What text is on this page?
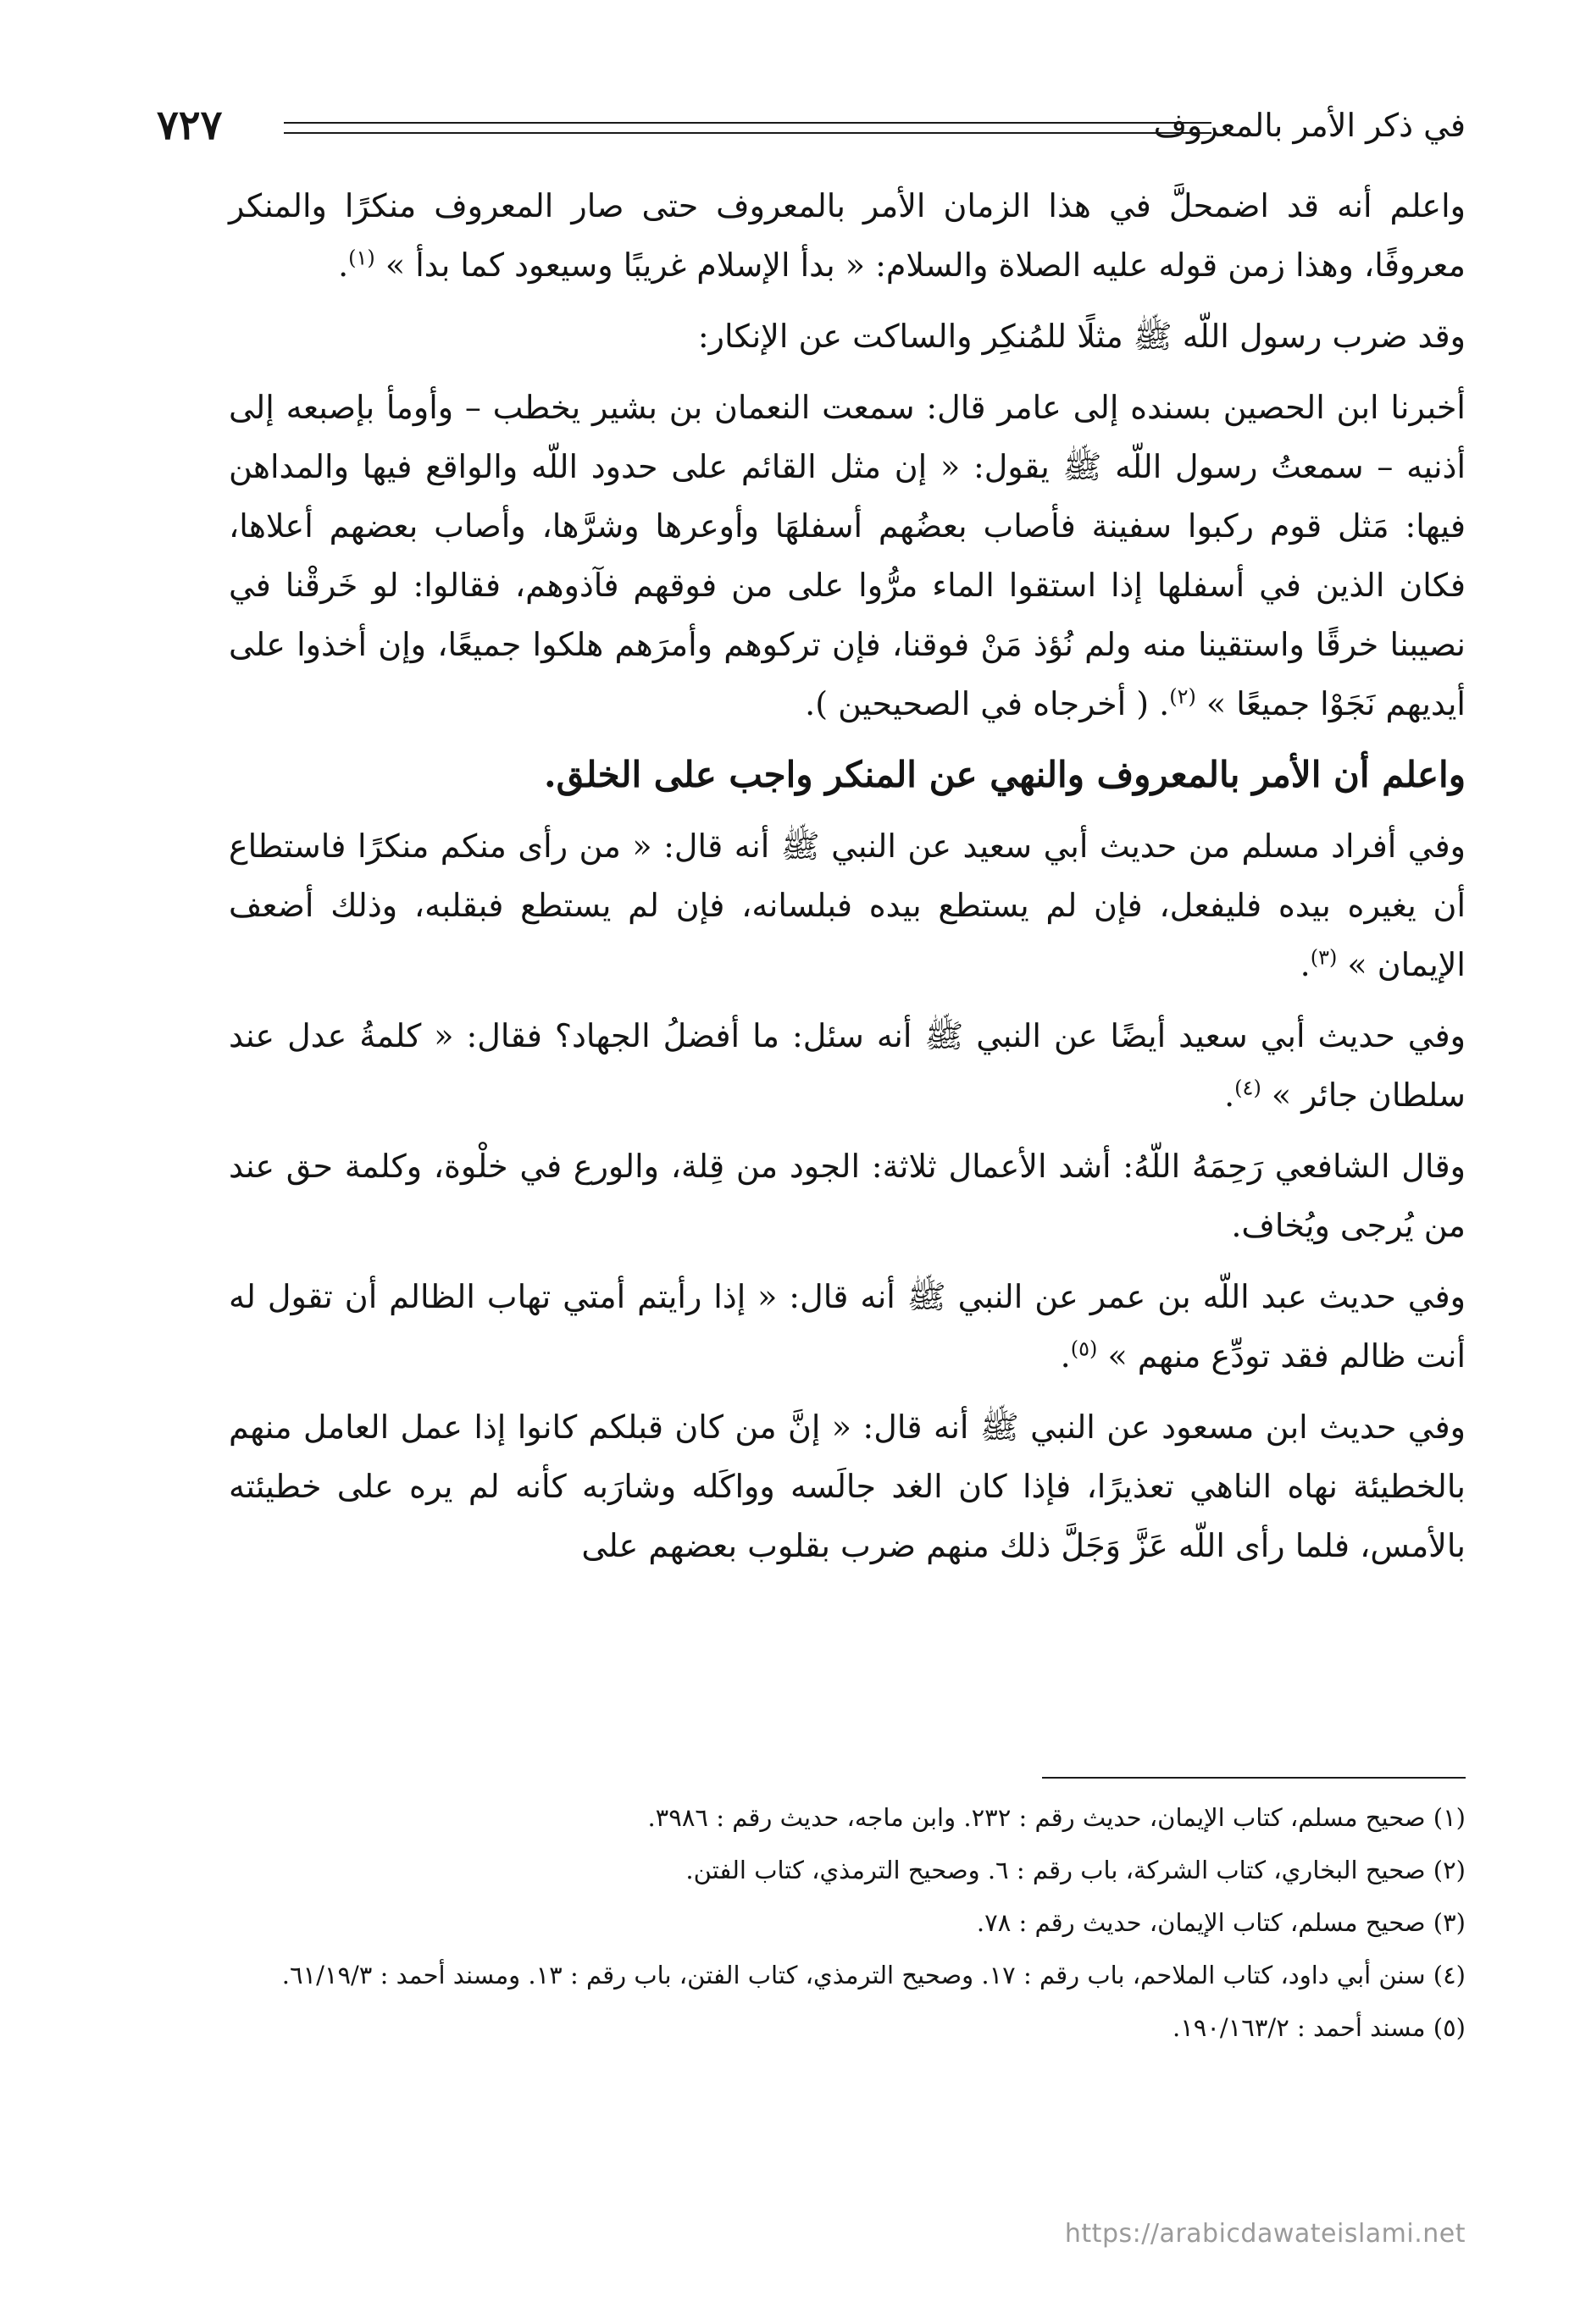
في ذكر الأمر بالمعروف
٧٢٧

واعلم أنه قد اضمحلَّ في هذا الزمان الأمر بالمعروف حتى صار المعروف منكرًا والمنكر معروفًا، وهذا زمن قوله عليه الصلاة والسلام: « بدأ الإسلام غريبًا وسيعود كما بدأ » $^{(١)}$.

وقد ضرب رسول اللّه ﷺ مثلًا للمُنكِر والساكت عن الإنكار:

أخبرنا ابن الحصين بسنده إلى عامر قال: سمعت النعمان بن بشير يخطب – وأومأ بإصبعه إلى أذنيه – سمعتُ رسول اللّه ﷺ يقول: « إن مثل القائم على حدود اللّه والواقع فيها والمداهن فيها: مَثل قوم ركبوا سفينة فأصاب بعضُهم أسفلهَا وأوعرها وشرَّها، وأصاب بعضهم أعلاها، فكان الذين في أسفلها إذا استقوا الماء مرُّوا على من فوقهم فآذوهم، فقالوا: لو خَرقْنا في نصيبنا خرقًا واستقينا منه ولم نُؤذ مَنْ فوقنا، فإن تركوهم وأمرَهم هلكوا جميعًا، وإن أخذوا على أيديهم نَجَوْا جميعًا » $^{(٢)}$. ( أخرجاه في الصحيحين ).

واعلم أن الأمر بالمعروف والنهي عن المنكر واجب على الخلق.

وفي أفراد مسلم من حديث أبي سعيد عن النبي ﷺ أنه قال: « من رأى منكم منكرًا فاستطاع أن يغيره بيده فليفعل، فإن لم يستطع بيده فبلسانه، فإن لم يستطع فبقلبه، وذلك أضعف الإيمان » $^{(٣)}$.

وفي حديث أبي سعيد أيضًا عن النبي ﷺ أنه سئل: ما أفضلُ الجهاد؟ فقال: « كلمةُ عدل عند سلطان جائر » $^{(٤)}$.

وقال الشافعي رَحِمَهُ اللّهُ: أشد الأعمال ثلاثة: الجود من قِلة، والورع في خلْوة، وكلمة حق عند من يُرجى ويُخاف.

وفي حديث عبد اللّه بن عمر عن النبي ﷺ أنه قال: « إذا رأيتم أمتي تهاب الظالم أن تقول له أنت ظالم فقد تودِّع منهم » $^{(٥)}$.

وفي حديث ابن مسعود عن النبي ﷺ أنه قال: « إنَّ من كان قبلكم كانوا إذا عمل العامل منهم بالخطيئة نهاه الناهي تعذيرًا، فإذا كان الغد جالَسه وواكَله وشارَبه كأنه لم يره على خطيئته بالأمس، فلما رأى اللّه عَزَّ وَجَلَّ ذلك منهم ضرب بقلوب بعضهم على

(١) صحيح مسلم، كتاب الإيمان، حديث رقم : ٢٣٢. وابن ماجه، حديث رقم : ٣٩٨٦.

(٢) صحيح البخاري، كتاب الشركة، باب رقم : ٦. وصحيح الترمذي، كتاب الفتن.

(٣) صحيح مسلم، كتاب الإيمان، حديث رقم : ٧٨.

(٤) سنن أبي داود، كتاب الملاحم، باب رقم : ١٧. وصحيح الترمذي، كتاب الفتن، باب رقم : ١٣. ومسند أحمد : ٦١/١٩/٣.

(٥) مسند أحمد : ١٩٠/١٦٣/٢.

https://arabicdawateislami.net
